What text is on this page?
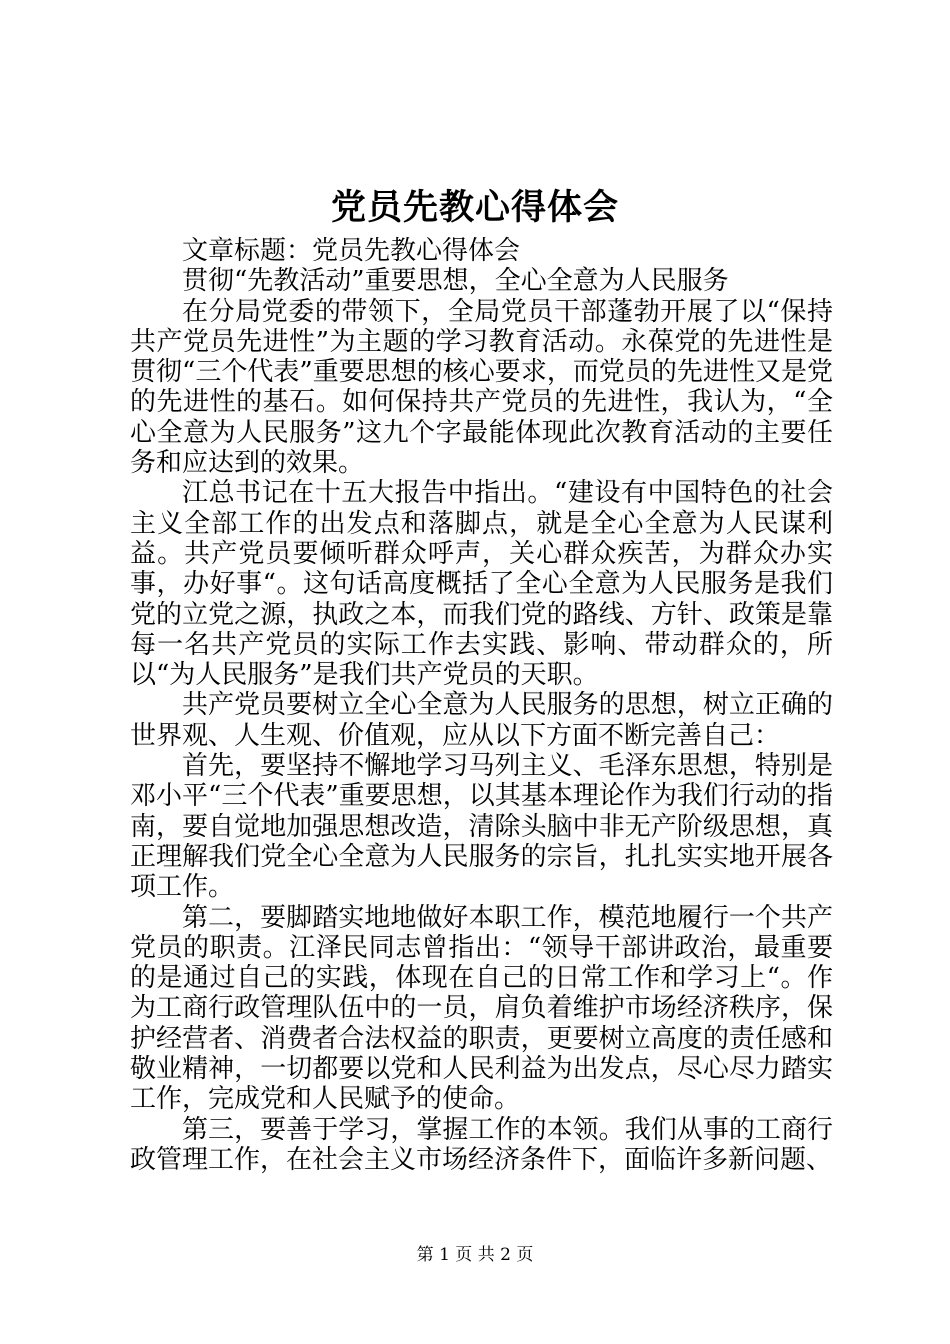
党员先教心得体会

文章标题：党员先教心得体会

贯彻“先教活动”重要思想，全心全意为人民服务

在分局党委的带领下，全局党员干部蓬勃开展了以“保持共产党员先进性”为主题的学习教育活动。永葆党的先进性是贯彻“三个代表”重要思想的核心要求，而党员的先进性又是党的先进性的基石。如何保持共产党员的先进性，我认为，“全心全意为人民服务”这九个字最能体现此次教育活动的主要任务和应达到的效果。

江总书记在十五大报告中指出。“建设有中国特色的社会主义全部工作的出发点和落脚点，就是全心全意为人民谋利益。共产党员要倾听群众呼声，关心群众疾苦，为群众办实事，办好事“。这句话高度概括了全心全意为人民服务是我们党的立党之源，执政之本，而我们党的路线、方针、政策是靠每一名共产党员的实际工作去实践、影响、带动群众的，所以“为人民服务”是我们共产党员的天职。

共产党员要树立全心全意为人民服务的思想，树立正确的世界观、人生观、价值观，应从以下方面不断完善自己：

首先，要坚持不懈地学习马列主义、毛泽东思想，特别是邓小平“三个代表”重要思想，以其基本理论作为我们行动的指南，要自觉地加强思想改造，清除头脑中非无产阶级思想，真正理解我们党全心全意为人民服务的宗旨，扎扎实实地开展各项工作。

第二，要脚踏实地地做好本职工作，模范地履行一个共产党员的职责。江泽民同志曾指出：“领导干部讲政治，最重要的是通过自己的实践，体现在自己的日常工作和学习上“。作为工商行政管理队伍中的一员，肩负着维护市场经济秩序，保护经营者、消费者合法权益的职责，更要树立高度的责任感和敬业精神，一切都要以党和人民利益为出发点，尽心尽力踏实工作，完成党和人民赋予的使命。

第三，要善于学习，掌握工作的本领。我们从事的工商行政管理工作，在社会主义市场经济条件下，面临许多新问题、

第 1 页 共 2 页
